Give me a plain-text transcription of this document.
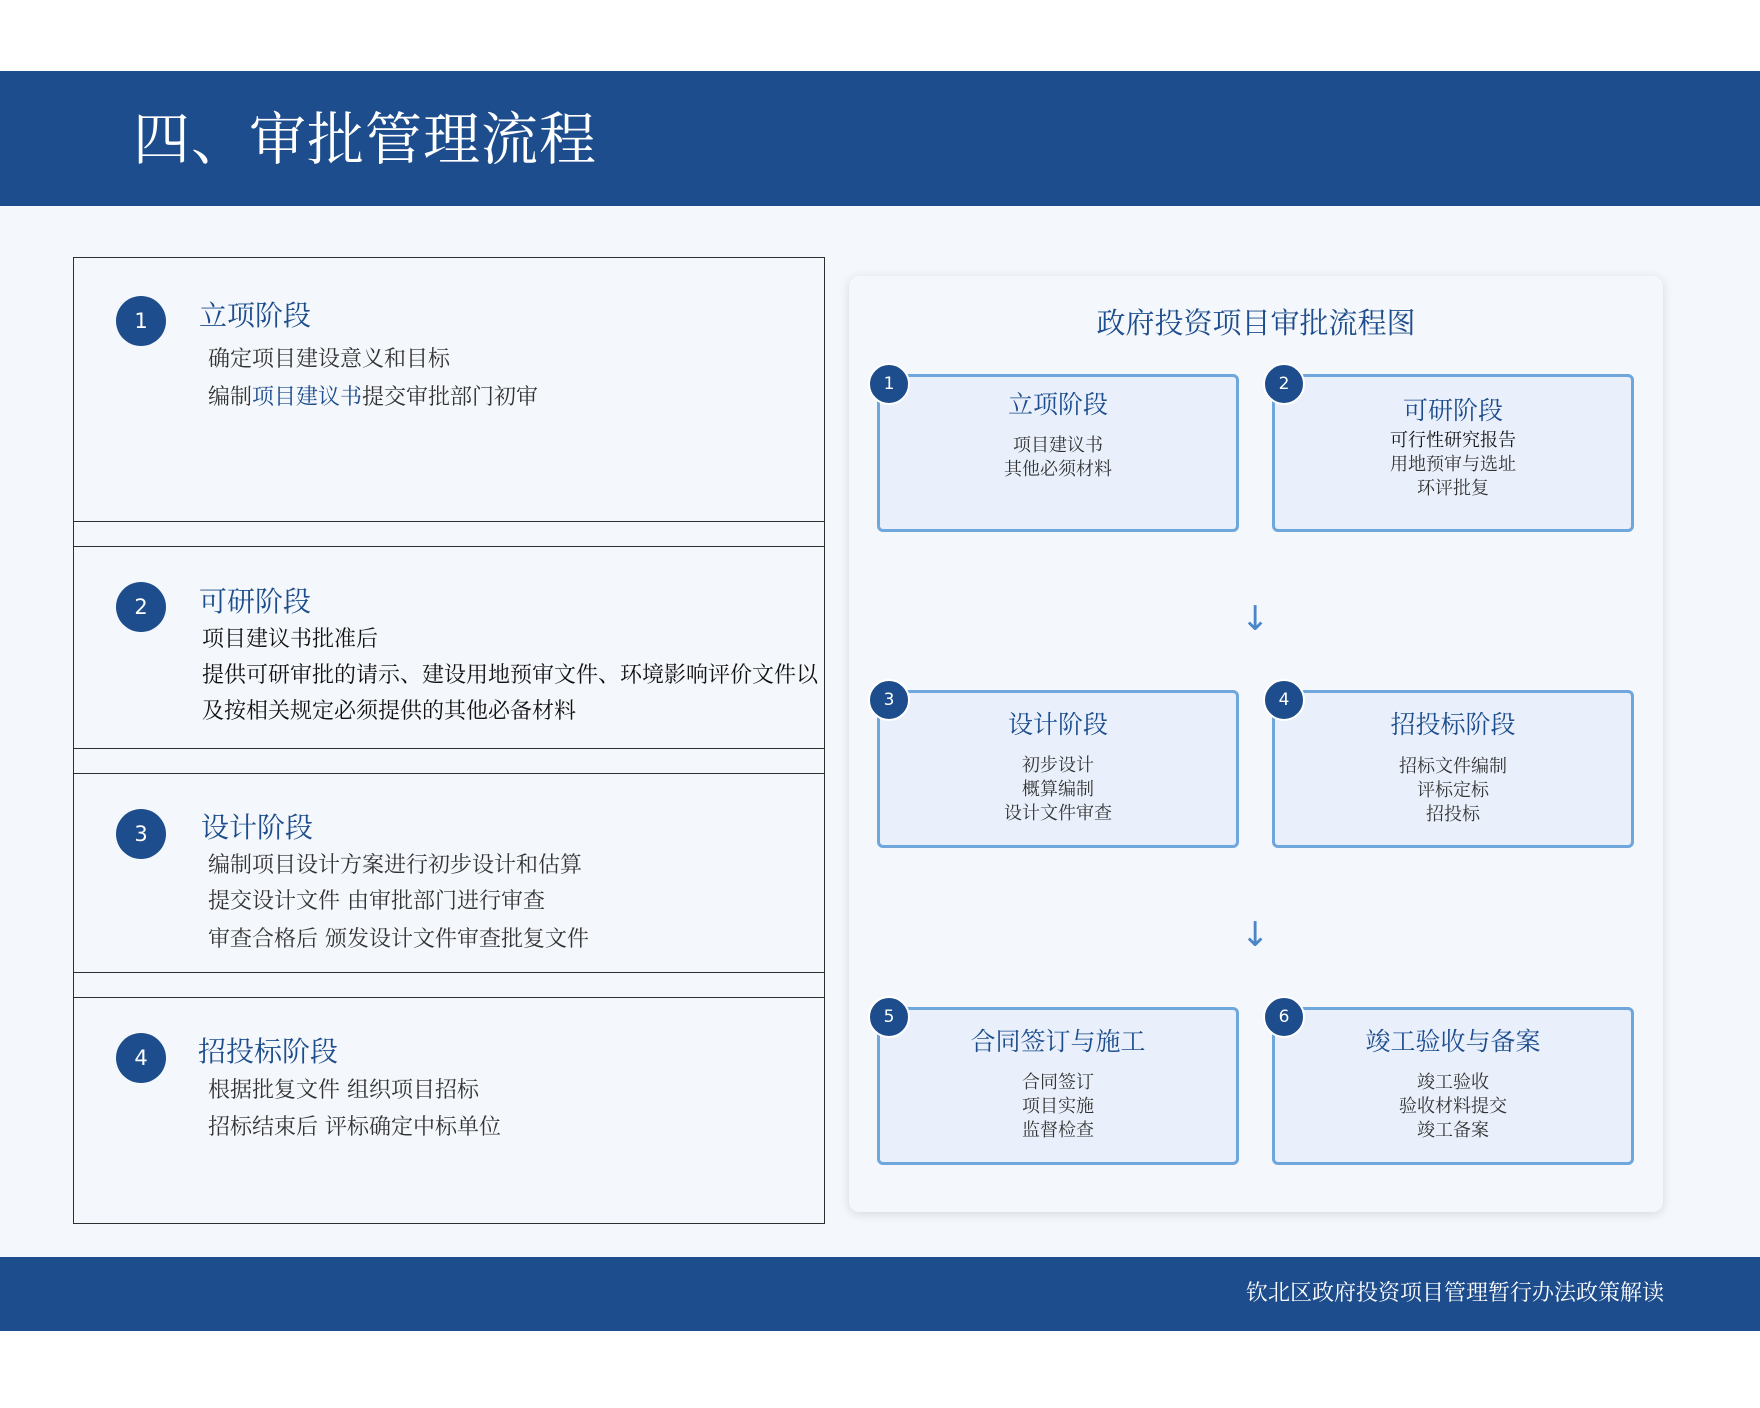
四、审批管理流程
1	立项阶段
确定项目建设意义和目标
编制项目建议书提交审批部门初审
2	可研阶段
项目建议书批准后
提供可研审批的请示、建设用地预审文件、环境影响评价文件以
及按相关规定必须提供的其他必备材料
3	设计阶段
编制项目设计方案进行初步设计和估算
提交设计文件 由审批部门进行审查
审查合格后 颁发设计文件审查批复文件
4	招投标阶段
根据批复文件 组织项目招标
招标结束后 评标确定中标单位
政府投资项目审批流程图
1
立项阶段
项目建议书
其他必须材料
2
可研阶段
可行性研究报告
用地预审与选址
环评批复
↓
3
设计阶段
初步设计
概算编制
设计文件审查
4
招投标阶段
招标文件编制
评标定标
招投标
↓
5
合同签订与施工
合同签订
项目实施
监督检查
6
竣工验收与备案
竣工验收
验收材料提交
竣工备案
钦北区政府投资项目管理暂行办法政策解读
